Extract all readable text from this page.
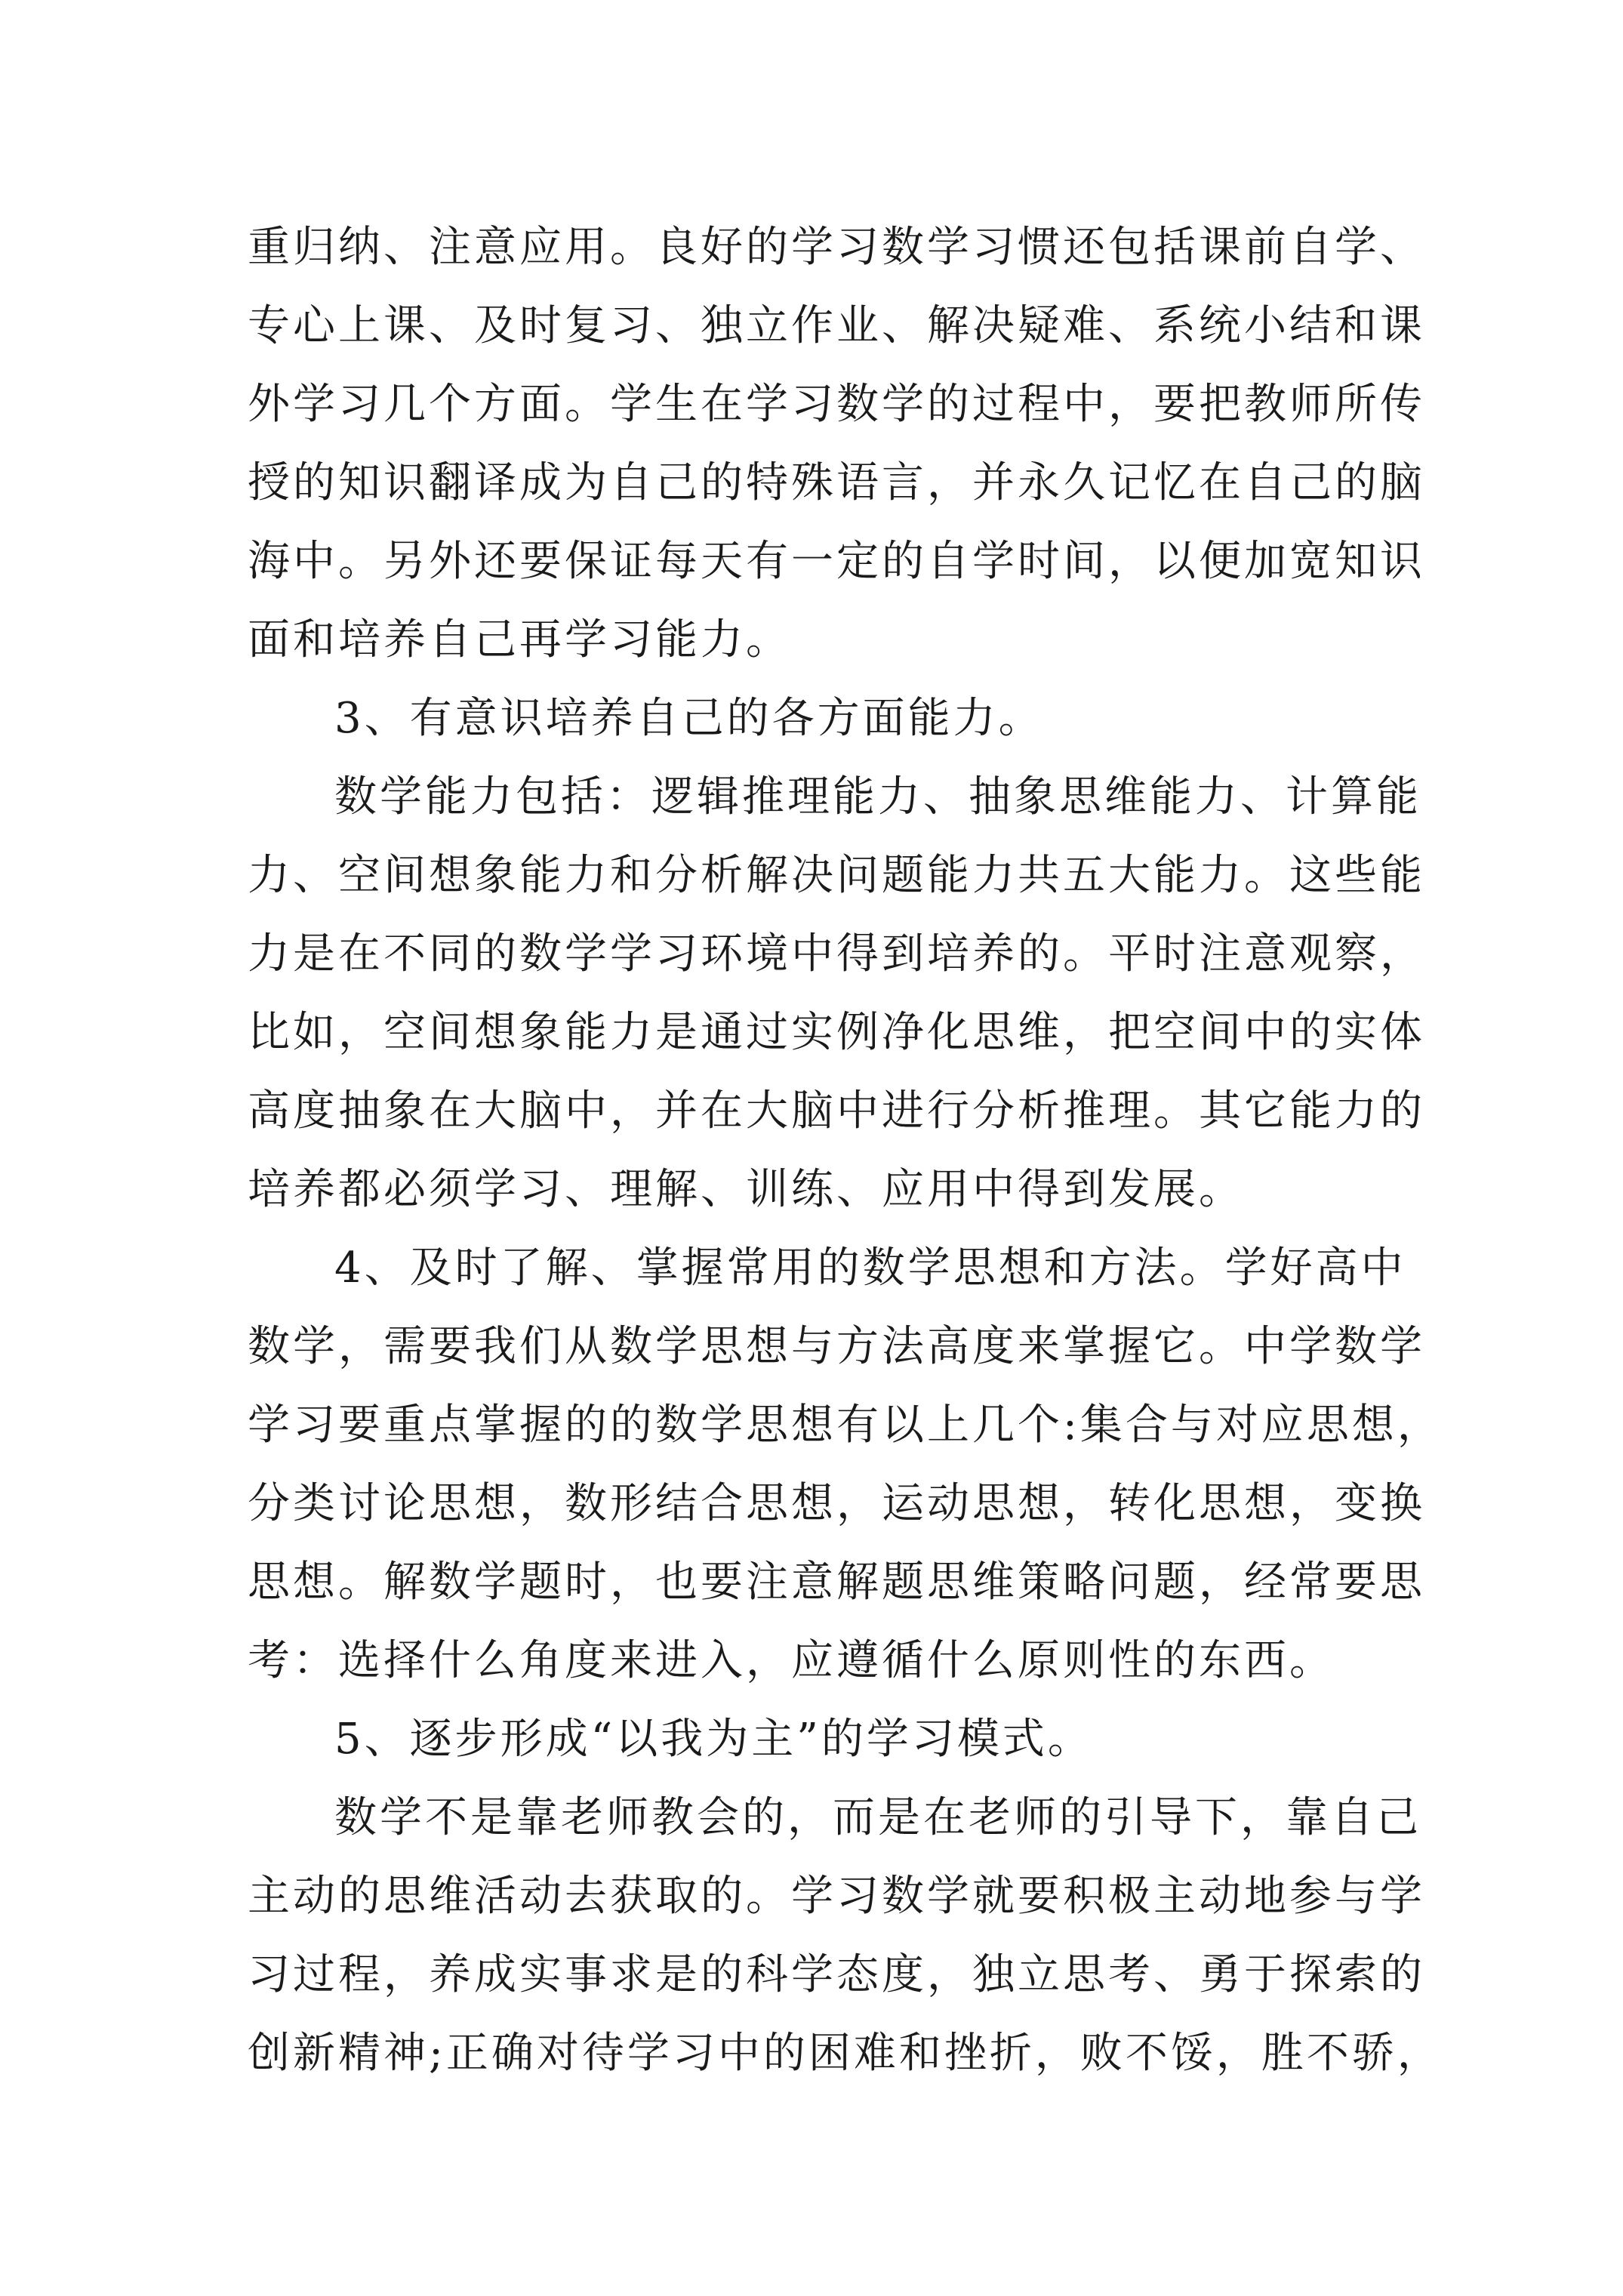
重归纳、注意应用。良好的学习数学习惯还包括课前自学、
专心上课、及时复习、独立作业、解决疑难、系统小结和课
外学习几个方面。学生在学习数学的过程中，要把教师所传
授的知识翻译成为自己的特殊语言，并永久记忆在自己的脑
海中。另外还要保证每天有一定的自学时间，以便加宽知识
面和培养自己再学习能力。
3、有意识培养自己的各方面能力。
数学能力包括：逻辑推理能力、抽象思维能力、计算能
力、空间想象能力和分析解决问题能力共五大能力。这些能
力是在不同的数学学习环境中得到培养的。平时注意观察，
比如，空间想象能力是通过实例净化思维，把空间中的实体
高度抽象在大脑中，并在大脑中进行分析推理。其它能力的
培养都必须学习、理解、训练、应用中得到发展。
4、及时了解、掌握常用的数学思想和方法。学好高中
数学，需要我们从数学思想与方法高度来掌握它。中学数学
学习要重点掌握的的数学思想有以上几个:集合与对应思想，
分类讨论思想，数形结合思想，运动思想，转化思想，变换
思想。解数学题时，也要注意解题思维策略问题，经常要思
考：选择什么角度来进入，应遵循什么原则性的东西。
5、逐步形成“以我为主”的学习模式。
数学不是靠老师教会的，而是在老师的引导下，靠自己
主动的思维活动去获取的。学习数学就要积极主动地参与学
习过程，养成实事求是的科学态度，独立思考、勇于探索的
创新精神;正确对待学习中的困难和挫折，败不馁，胜不骄，
